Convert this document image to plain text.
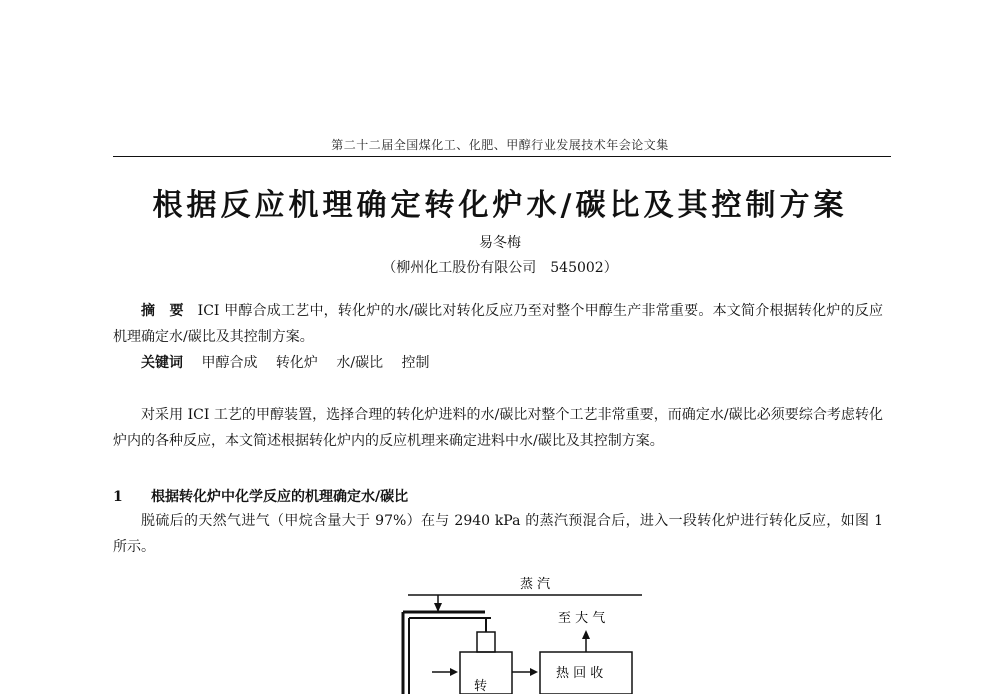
第二十二届全国煤化工、化肥、甲醇行业发展技术年会论文集
根据反应机理确定转化炉水/碳比及其控制方案
易冬梅
（柳州化工股份有限公司　545002）
摘　要 ICI 甲醇合成工艺中，转化炉的水/碳比对转化反应乃至对整个甲醇生产非常重要。本文简介根据转化炉的反应机理确定水/碳比及其控制方案。
关键词 甲醇合成 转化炉 水/碳比 控制
对采用 ICI 工艺的甲醇装置，选择合理的转化炉进料的水/碳比对整个工艺非常重要，而确定水/碳比必须要综合考虑转化炉内的各种反应，本文简述根据转化炉内的反应机理来确定进料中水/碳比及其控制方案。
1 根据转化炉中化学反应的机理确定水/碳比
脱硫后的天然气进气（甲烷含量大于 97%）在与 2940 kPa 的蒸汽预混合后，进入一段转化炉进行转化反应，如图 1 所示。
蒸 汽
至 大 气
热 回 收
转
